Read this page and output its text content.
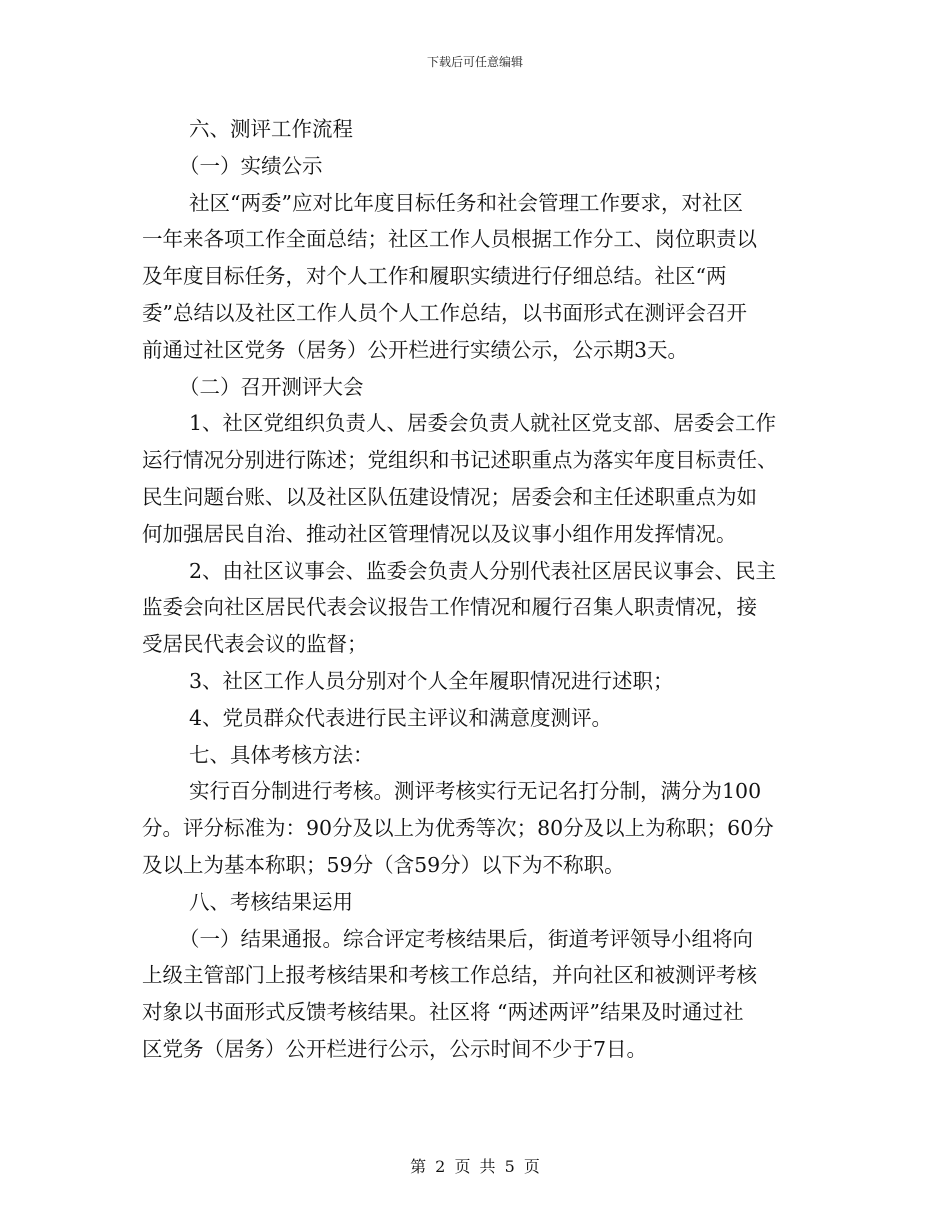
下载后可任意编辑
六、测评工作流程
（一）实绩公示
社区“两委”应对比年度目标任务和社会管理工作要求，对社区
一年来各项工作全面总结；社区工作人员根据工作分工、岗位职责以
及年度目标任务，对个人工作和履职实绩进行仔细总结。社区“两
委”总结以及社区工作人员个人工作总结，以书面形式在测评会召开
前通过社区党务（居务）公开栏进行实绩公示，公示期3天。
（二）召开测评大会
1、社区党组织负责人、居委会负责人就社区党支部、居委会工作
运行情况分别进行陈述；党组织和书记述职重点为落实年度目标责任、
民生问题台账、以及社区队伍建设情况；居委会和主任述职重点为如
何加强居民自治、推动社区管理情况以及议事小组作用发挥情况。
2、由社区议事会、监委会负责人分别代表社区居民议事会、民主
监委会向社区居民代表会议报告工作情况和履行召集人职责情况，接
受居民代表会议的监督；
3、社区工作人员分别对个人全年履职情况进行述职；
4、党员群众代表进行民主评议和满意度测评。
七、具体考核方法：
实行百分制进行考核。测评考核实行无记名打分制，满分为100
分。评分标准为：90分及以上为优秀等次；80分及以上为称职；60分
及以上为基本称职；59分（含59分）以下为不称职。
八、考核结果运用
（一）结果通报。综合评定考核结果后，街道考评领导小组将向
上级主管部门上报考核结果和考核工作总结，并向社区和被测评考核
对象以书面形式反馈考核结果。社区将 “两述两评”结果及时通过社
区党务（居务）公开栏进行公示，公示时间不少于7日。
第 2 页 共 5 页
